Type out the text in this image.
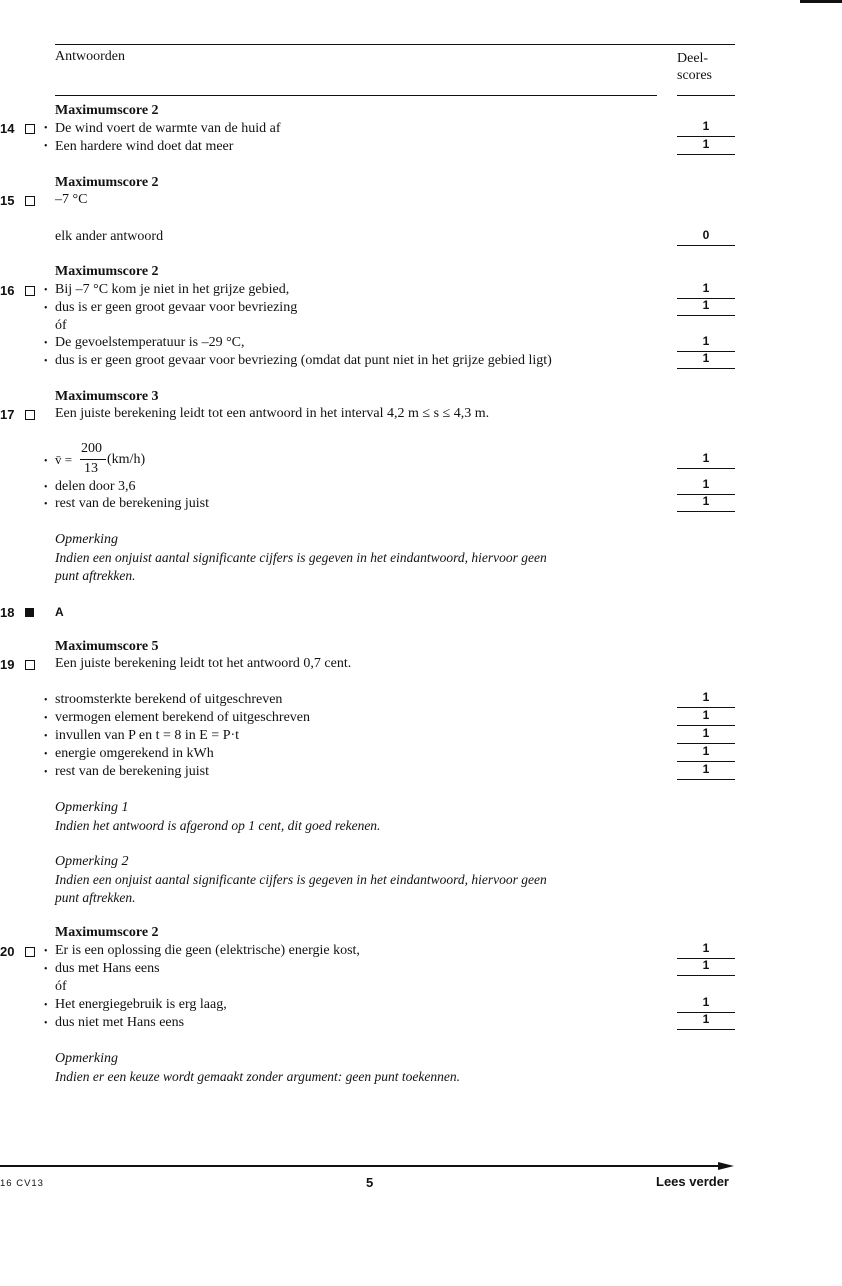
Antwoorden	Deel-
scores
Maximumscore 2
14	• De wind voert de warmte van de huid af	1
• Een hardere wind doet dat meer	1
Maximumscore 2
15	–7 °C
elk ander antwoord	0
Maximumscore 2
16	• Bij –7 °C kom je niet in het grijze gebied,	1
• dus is er geen groot gevaar voor bevriezing	1
óf
• De gevoelstemperatuur is –29 °C,	1
• dus is er geen groot gevaar voor bevriezing (omdat dat punt niet in het grijze gebied ligt)	1
Maximumscore 3
17	Een juiste berekening leidt tot een antwoord in het interval 4,2 m ≤ s ≤ 4,3 m.
• v̄ =
200
13
(km/h)	1
• delen door 3,6	1
• rest van de berekening juist	1
Opmerking
Indien een onjuist aantal significante cijfers is gegeven in het eindantwoord, hiervoor geen
punt aftrekken.
18	A
Maximumscore 5
19	Een juiste berekening leidt tot het antwoord 0,7 cent.
• stroomsterkte berekend of uitgeschreven	1
• vermogen element berekend of uitgeschreven	1
• invullen van P en t = 8 in E = P·t	1
• energie omgerekend in kWh	1
• rest van de berekening juist	1
Opmerking 1
Indien het antwoord is afgerond op 1 cent, dit goed rekenen.
Opmerking 2
Indien een onjuist aantal significante cijfers is gegeven in het eindantwoord, hiervoor geen
punt aftrekken.
Maximumscore 2
20	• Er is een oplossing die geen (elektrische) energie kost,	1
• dus met Hans eens	1
óf
• Het energiegebruik is erg laag,	1
• dus niet met Hans eens	1
Opmerking
Indien er een keuze wordt gemaakt zonder argument: geen punt toekennen.
16 CV13	5	Lees verder
